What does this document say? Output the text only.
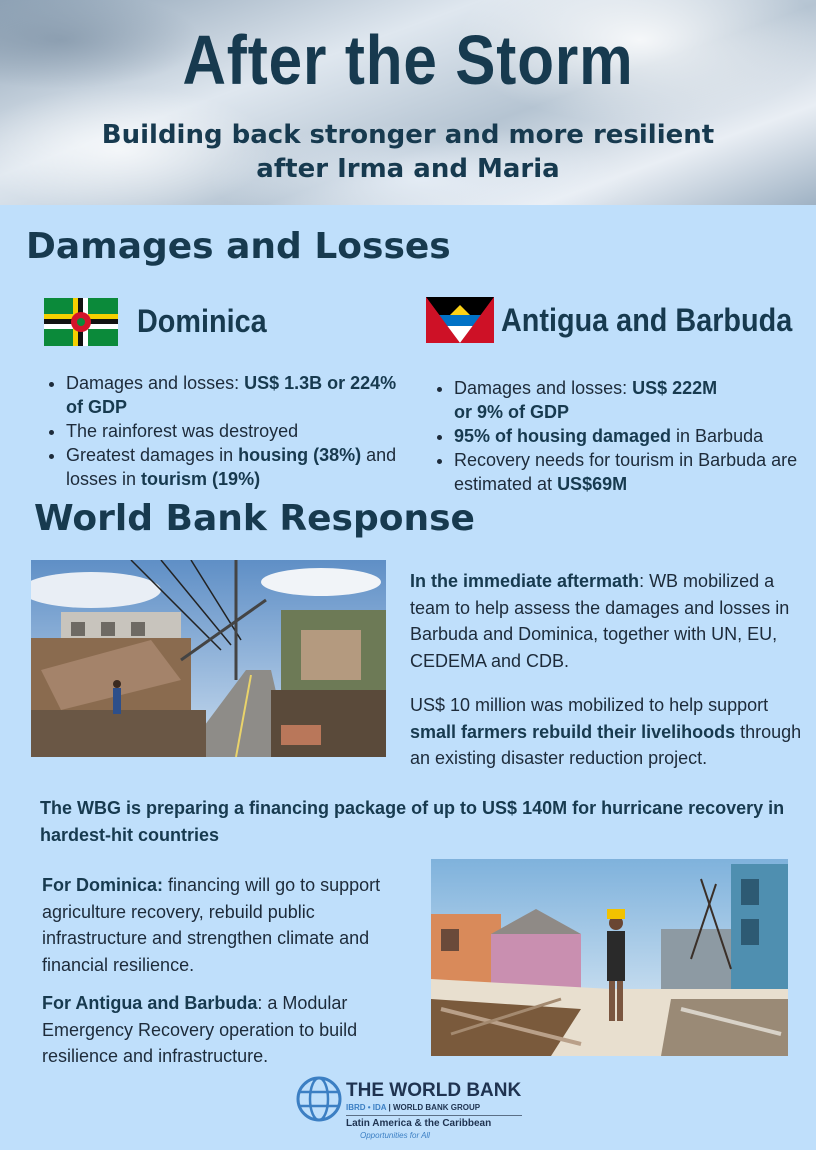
After the Storm
Building back stronger and more resilient
after Irma and Maria
Damages and Losses
Dominica
• Damages and losses: US$ 1.3B or 224% of GDP
• The rainforest was destroyed
• Greatest damages in housing (38%) and losses in tourism (19%)
Antigua and Barbuda
• Damages and losses: US$ 222M
or 9% of GDP
• 95% of housing damaged in Barbuda
• Recovery needs for tourism in Barbuda are estimated at US$69M
World Bank Response

In the immediate aftermath: WB mobilized a team to help assess the damages and losses in Barbuda and Dominica, together with UN, EU, CEDEMA and CDB.

US$ 10 million was mobilized to help support small farmers rebuild their livelihoods through an existing disaster reduction project.

The WBG is preparing a financing package of up to US$ 140M for hurricane recovery in hardest-hit countries

For Dominica: financing will go to support agriculture recovery, rebuild public infrastructure and strengthen climate and financial resilience.

For Antigua and Barbuda: a Modular Emergency Recovery operation to build resilience and infrastructure.

THE WORLD BANK
IBRD • IDA | WORLD BANK GROUP
Latin America & the Caribbean
Opportunities for All
